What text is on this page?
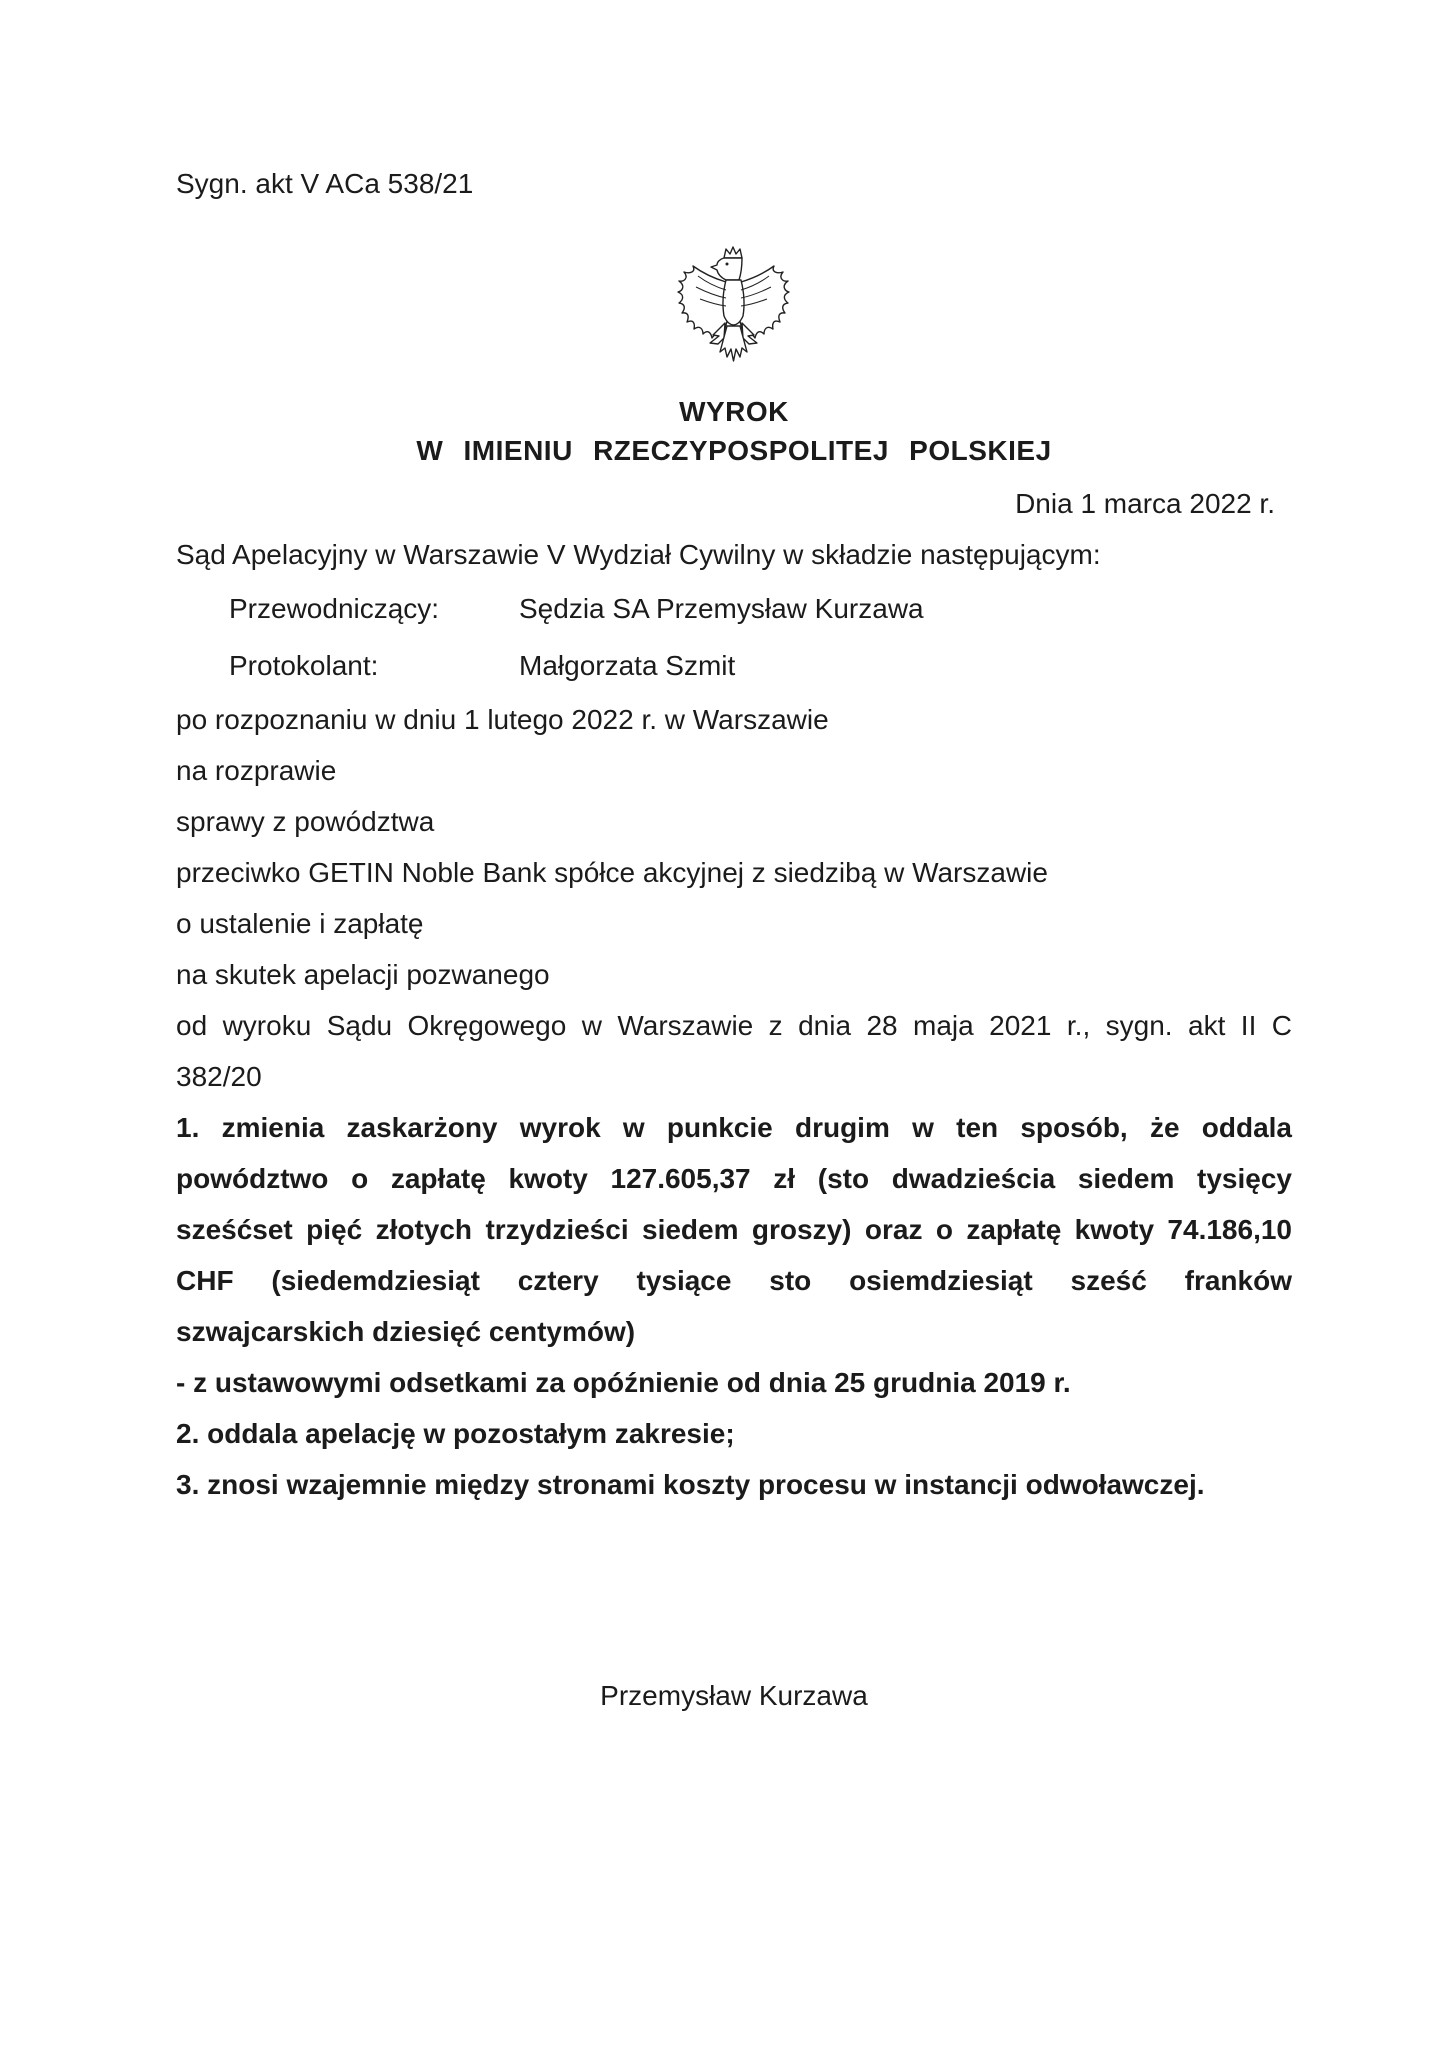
Sygn. akt V ACa 538/21
WYROK
W IMIENIU RZECZYPOSPOLITEJ POLSKIEJ
Dnia 1 marca 2022 r.

Sąd Apelacyjny w Warszawie V Wydział Cywilny w składzie następującym:

Przewodniczący:	Sędzia SA Przemysław Kurzawa
Protokolant:	Małgorzata Szmit

po rozpoznaniu w dniu 1 lutego 2022 r. w Warszawie

na rozprawie

sprawy z powództwa

przeciwko GETIN Noble Bank spółce akcyjnej z siedzibą w Warszawie

o ustalenie i zapłatę

na skutek apelacji pozwanego

od wyroku Sądu Okręgowego w Warszawie z dnia 28 maja 2021 r., sygn. akt II C

382/20

1. zmienia zaskarżony wyrok w punkcie drugim w ten sposób, że oddala

powództwo o zapłatę kwoty 127.605,37 zł (sto dwadzieścia siedem tysięcy

sześćset pięć złotych trzydzieści siedem groszy) oraz o zapłatę kwoty 74.186,10

CHF (siedemdziesiąt cztery tysiące sto osiemdziesiąt sześć franków

szwajcarskich dziesięć centymów)

- z ustawowymi odsetkami za opóźnienie od dnia 25 grudnia 2019 r.

2. oddala apelację w pozostałym zakresie;

3. znosi wzajemnie między stronami koszty procesu w instancji odwoławczej.

Przemysław Kurzawa
